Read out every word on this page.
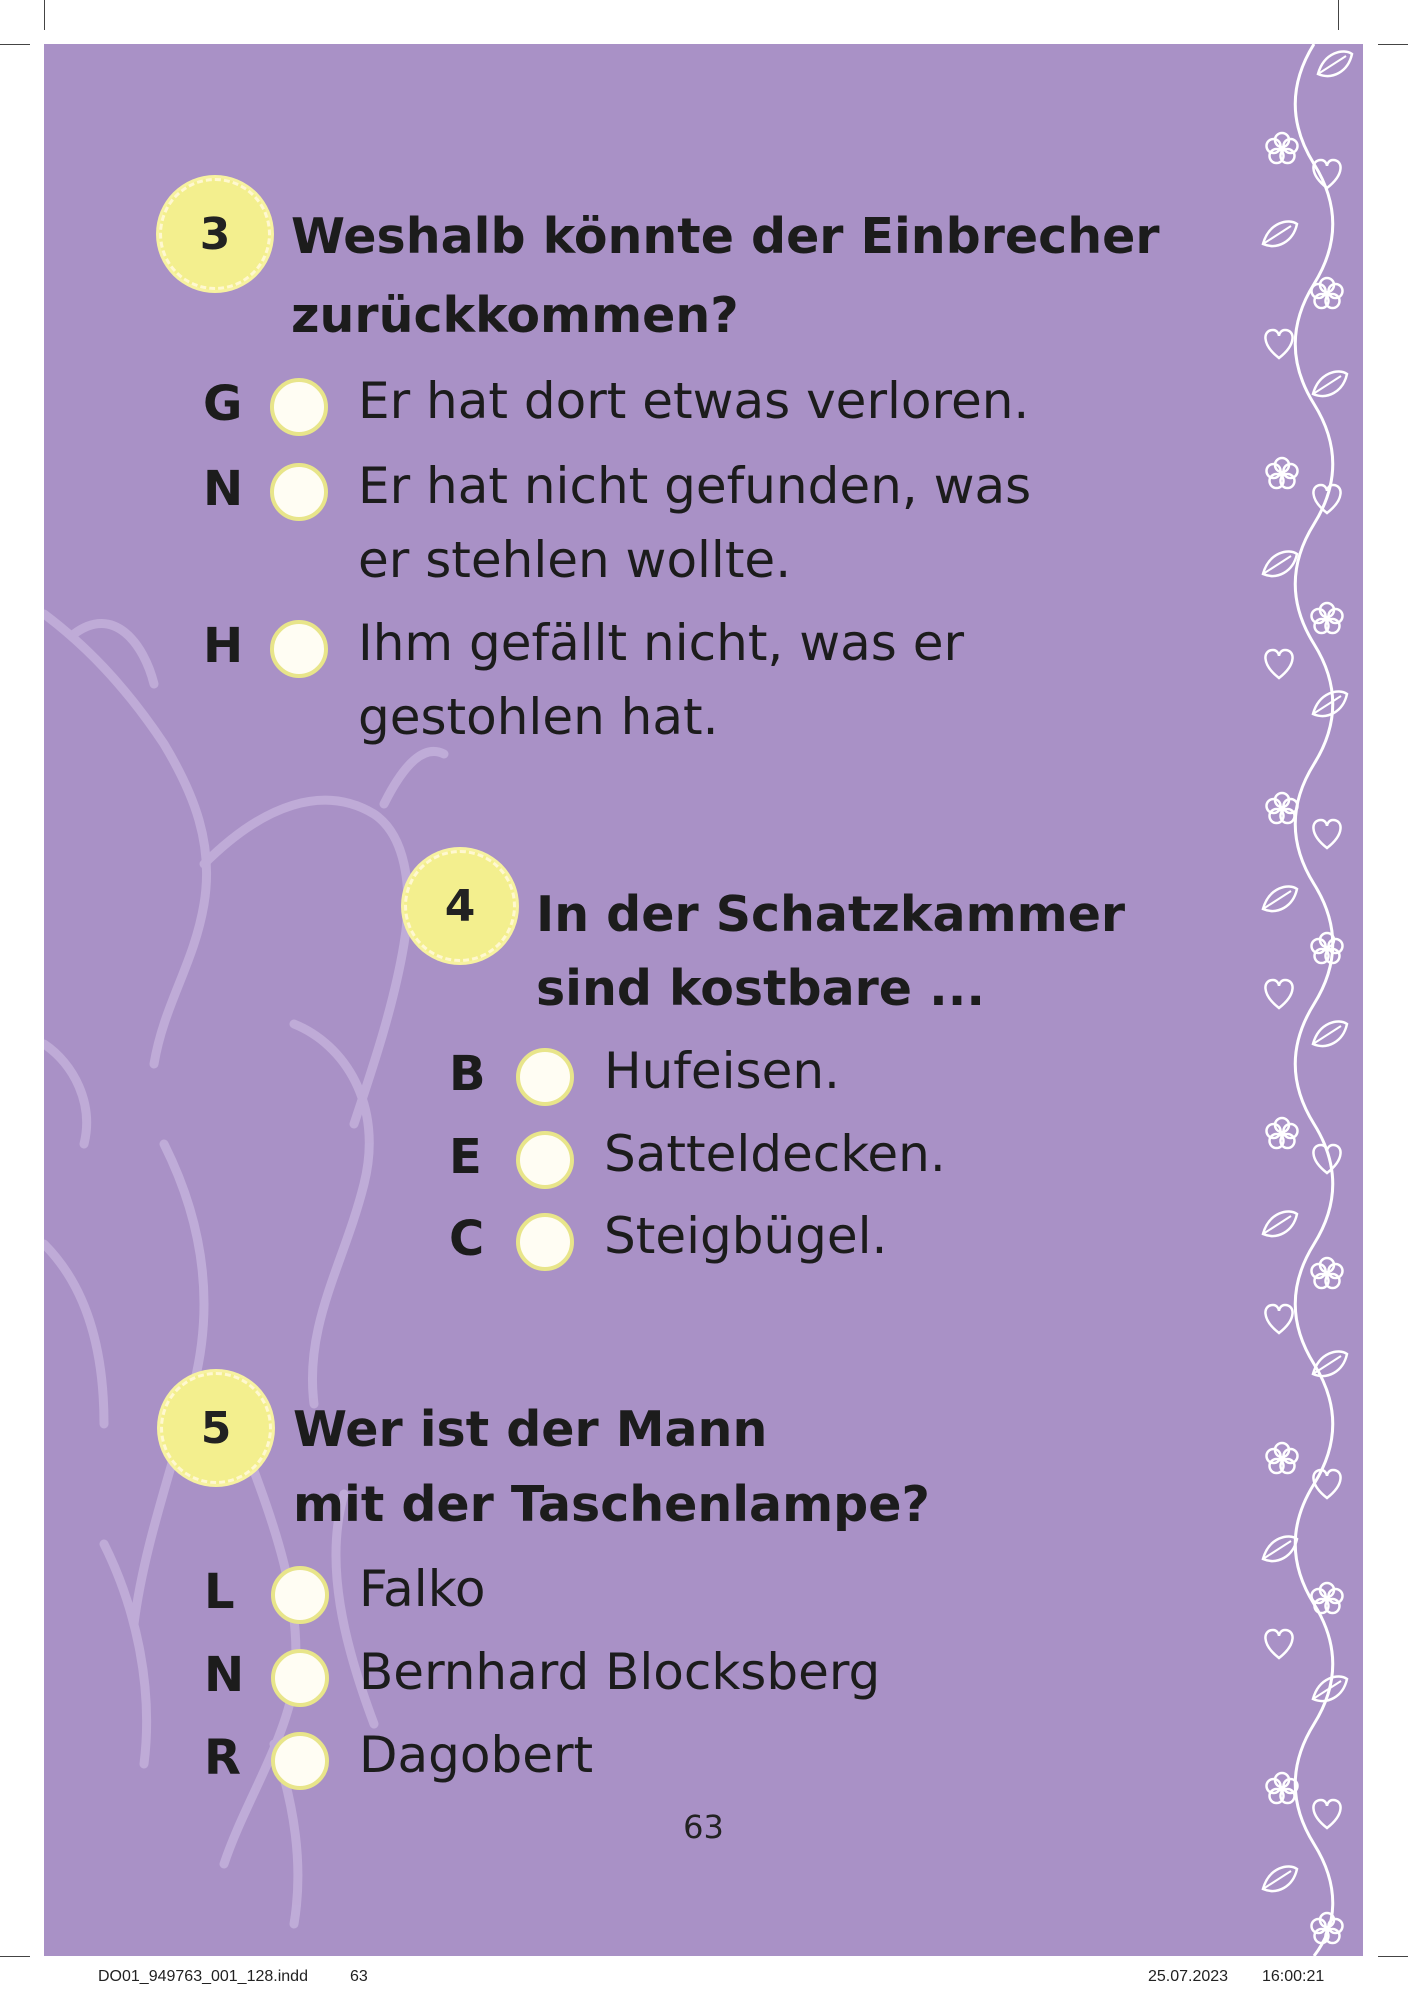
3	Weshalb könnte der Einbrecher
zurückkommen?
G	Er hat dort etwas verloren.
N	Er hat nicht gefunden, was
er stehlen wollte.
H	Ihm gefällt nicht, was er
gestohlen hat.
4	In der Schatzkammer
sind kostbare ...
B	Hufeisen.
E	Satteldecken.
C	Steigbügel.
5	Wer ist der Mann
mit der Taschenlampe?
L	Falko
N	Bernhard Blocksberg
R	Dagobert
63
DO01_949763_001_128.indd	63	25.07.2023 16:00:21
